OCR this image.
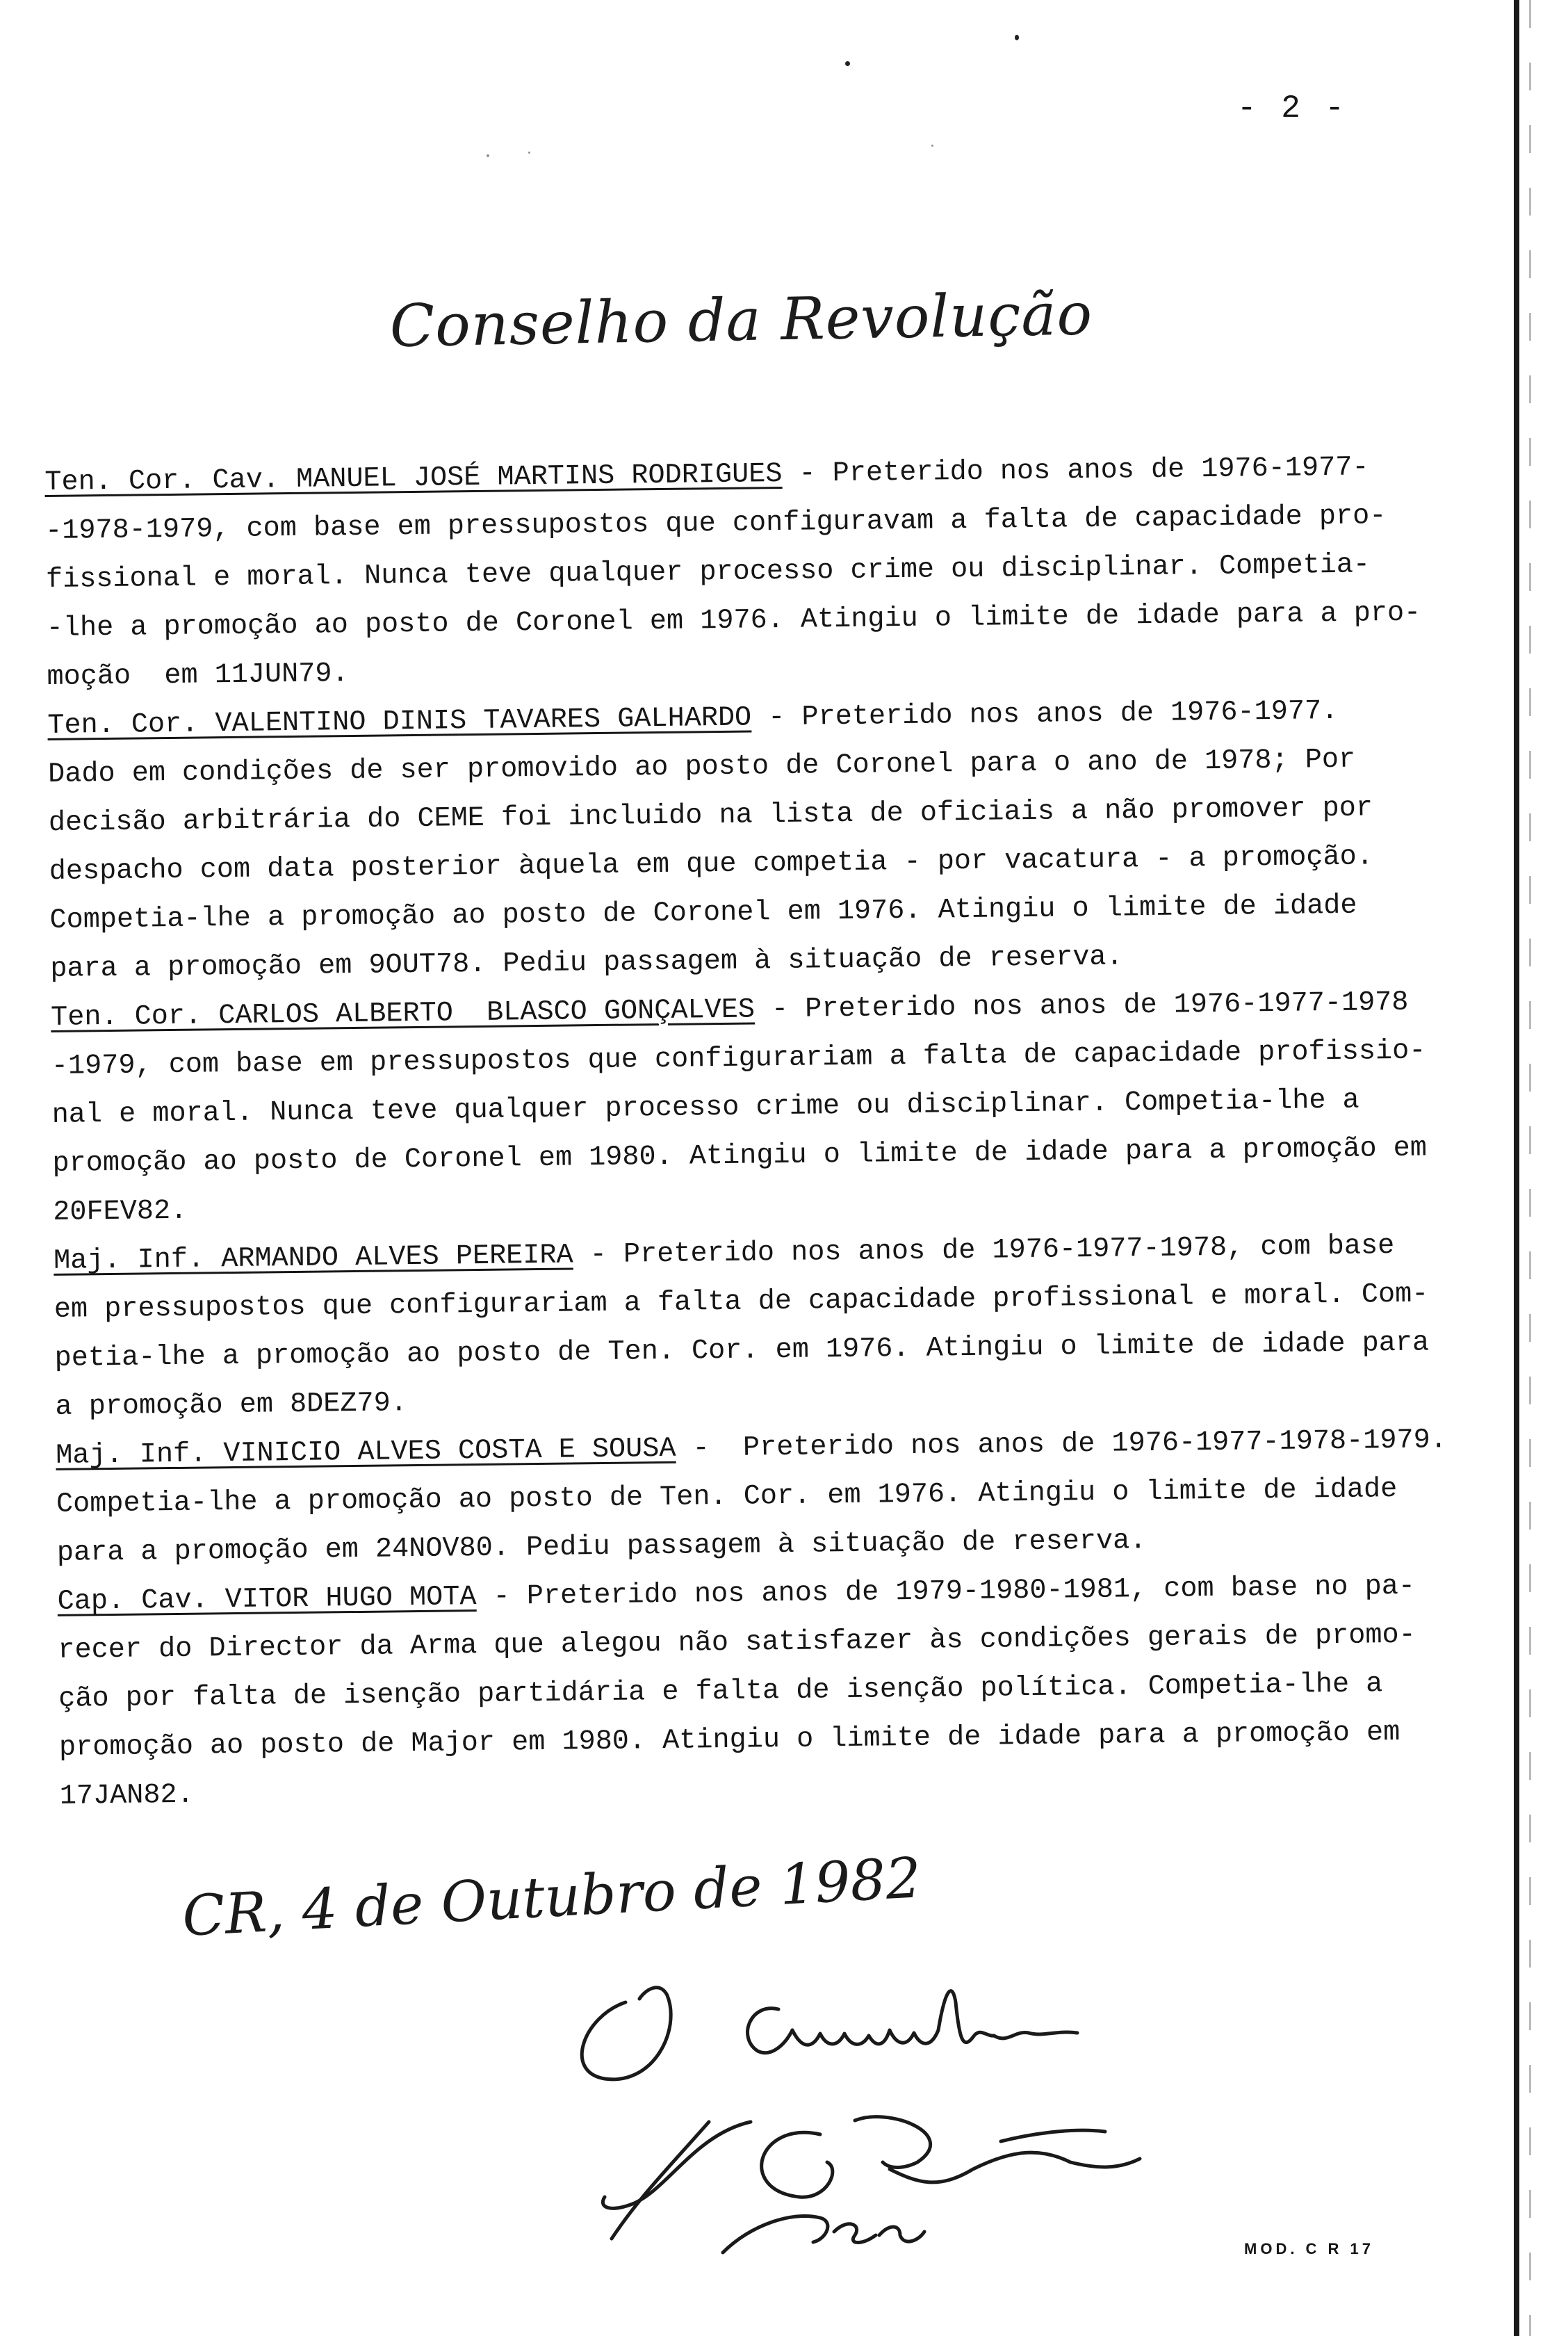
- 2 -
Conselho da Revolução
Ten. Cor. Cav. MANUEL JOSÉ MARTINS RODRIGUES - Preterido nos anos de 1976-1977-
-1978-1979, com base em pressupostos que configuravam a falta de capacidade pro-
fissional e moral. Nunca teve qualquer processo crime ou disciplinar. Competia-
-lhe a promoção ao posto de Coronel em 1976. Atingiu o limite de idade para a pro-
moção  em 11JUN79.
Ten. Cor. VALENTINO DINIS TAVARES GALHARDO - Preterido nos anos de 1976-1977.
Dado em condições de ser promovido ao posto de Coronel para o ano de 1978; Por
decisão arbitrária do CEME foi incluido na lista de oficiais a não promover por
despacho com data posterior àquela em que competia - por vacatura - a promoção.
Competia-lhe a promoção ao posto de Coronel em 1976. Atingiu o limite de idade
para a promoção em 9OUT78. Pediu passagem à situação de reserva.
Ten. Cor. CARLOS ALBERTO  BLASCO GONÇALVES - Preterido nos anos de 1976-1977-1978
-1979, com base em pressupostos que configurariam a falta de capacidade profissio-
nal e moral. Nunca teve qualquer processo crime ou disciplinar. Competia-lhe a
promoção ao posto de Coronel em 1980. Atingiu o limite de idade para a promoção em
20FEV82.
Maj. Inf. ARMANDO ALVES PEREIRA - Preterido nos anos de 1976-1977-1978, com base
em pressupostos que configurariam a falta de capacidade profissional e moral. Com-
petia-lhe a promoção ao posto de Ten. Cor. em 1976. Atingiu o limite de idade para
a promoção em 8DEZ79.
Maj. Inf. VINICIO ALVES COSTA E SOUSA -  Preterido nos anos de 1976-1977-1978-1979.
Competia-lhe a promoção ao posto de Ten. Cor. em 1976. Atingiu o limite de idade
para a promoção em 24NOV80. Pediu passagem à situação de reserva.
Cap. Cav. VITOR HUGO MOTA - Preterido nos anos de 1979-1980-1981, com base no pa-
recer do Director da Arma que alegou não satisfazer às condições gerais de promo-
ção por falta de isenção partidária e falta de isenção política. Competia-lhe a
promoção ao posto de Major em 1980. Atingiu o limite de idade para a promoção em
17JAN82.
CR, 4 de Outubro de 1982
MOD. C R 17
